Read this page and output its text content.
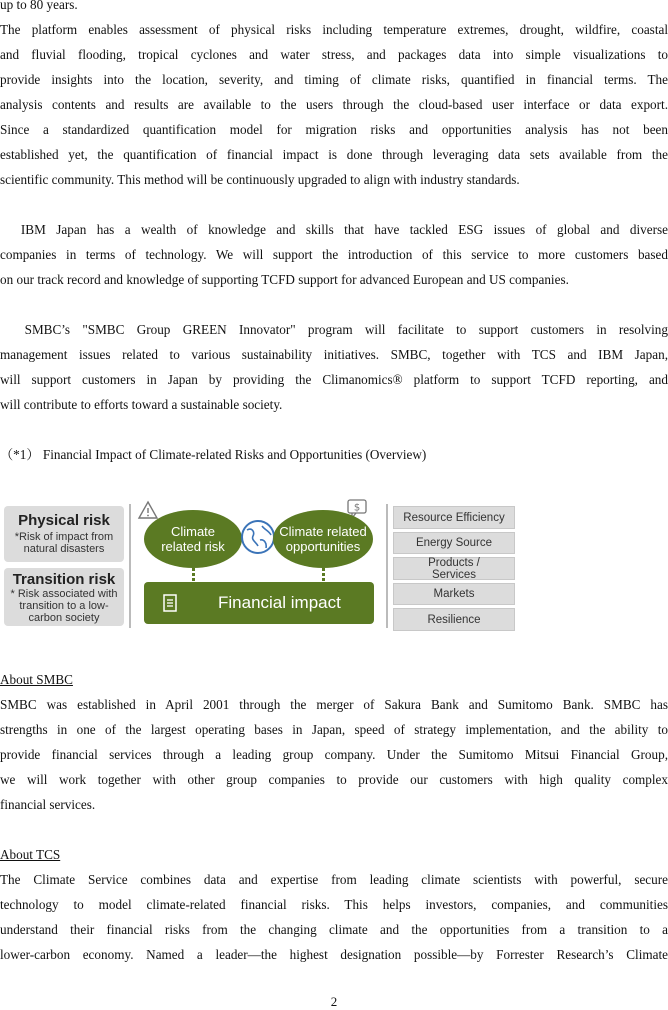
up to 80 years.

The platform enables assessment of physical risks including temperature extremes, drought, wildfire, coastal

and fluvial flooding, tropical cyclones and water stress, and packages data into simple visualizations to

provide insights into the location, severity, and timing of climate risks, quantified in financial terms. The

analysis contents and results are available to the users through the cloud-based user interface or data export.

Since a standardized quantification model for migration risks and opportunities analysis has not been

established yet, the quantification of financial impact is done through leveraging data sets available from the

scientific community. This method will be continuously upgraded to align with industry standards.

IBM Japan has a wealth of knowledge and skills that have tackled ESG issues of global and diverse

companies in terms of technology. We will support the introduction of this service to more customers based

on our track record and knowledge of supporting TCFD support for advanced European and US companies.

SMBC’s "SMBC Group GREEN Innovator" program will facilitate to support customers in resolving

management issues related to various sustainability initiatives. SMBC, together with TCS and IBM Japan,

will support customers in Japan by providing the Climanomics® platform to support TCFD reporting, and

will contribute to efforts toward a sustainable society.

（*1） Financial Impact of Climate-related Risks and Opportunities (Overview)

Physical risk
*Risk of impact from natural disasters
Transition risk
* Risk associated with transition to a low-carbon society
$
Climate related risk
Climate related opportunities
Financial impact
Resource Efficiency
Energy Source
Products / Services
Markets
Resilience

About SMBC

SMBC was established in April 2001 through the merger of Sakura Bank and Sumitomo Bank. SMBC has

strengths in one of the largest operating bases in Japan, speed of strategy implementation, and the ability to

provide financial services through a leading group company. Under the Sumitomo Mitsui Financial Group,

we will work together with other group companies to provide our customers with high quality complex

financial services.

About TCS

The Climate Service combines data and expertise from leading climate scientists with powerful, secure

technology to model climate-related financial risks. This helps investors, companies, and communities

understand their financial risks from the changing climate and the opportunities from a transition to a

lower-carbon economy. Named a leader—the highest designation possible—by Forrester Research’s Climate

2
